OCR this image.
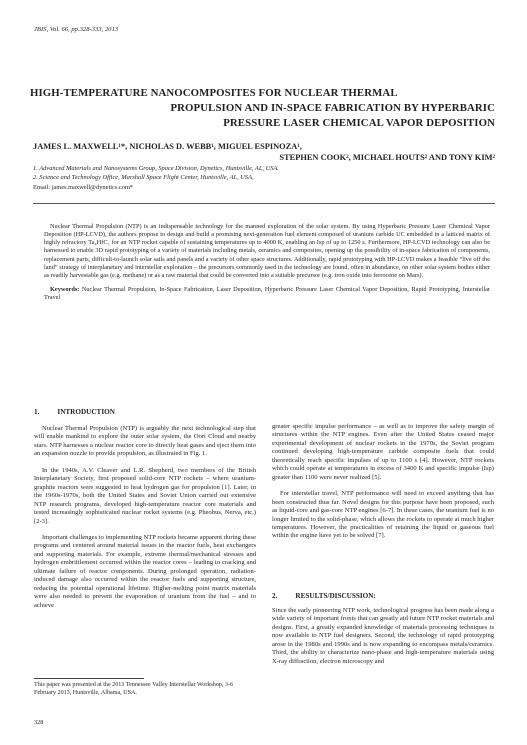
JBIS, Vol. 66, pp.328-333, 2013
HIGH-TEMPERATURE NANOCOMPOSITES FOR NUCLEAR THERMAL
PROPULSION AND IN-SPACE FABRICATION BY HYPERBARIC
PRESSURE LASER CHEMICAL VAPOR DEPOSITION
JAMES L. MAXWELL¹*, NICHOLAS D. WEBB¹, MIGUEL ESPINOZA¹,
STEPHEN COOK², MICHAEL HOUTS² AND TONY KIM²
1. Advanced Materials and Nanosystems Group, Space Division, Dynetics, Huntsville, AL, USA.
2. Science and Technology Office, Marshall Space Flight Center, Huntsville, AL, USA,
Email: james.maxwell@dynetics.com*

Nuclear Thermal Propulsion (NTP) is an indispensable technology for the manned exploration of the solar system. By using Hyperbaric Pressure Laser Chemical Vapor Deposition (HP-LCVD), the authors propose to design and build a promising next-generation fuel element composed of uranium carbide UC embedded in a latticed matrix of highly refractory Ta₄HfC₅ for an NTP rocket capable of sustaining temperatures up to 4000 K, enabling an Isp of up to 1250 s. Furthermore, HP-LCVD technology can also be harnessed to enable 3D rapid prototyping of a variety of materials including metals, ceramics and composites, opening up the possibility of in-space fabrication of components, replacement parts, difficult-to-launch solar sails and panels and a variety of other space structures. Additionally, rapid prototyping with HP-LCVD makes a feasible “live off the land” strategy of interplanetary and interstellar exploration – the precursors commonly used in the technology are found, often in abundance, on other solar system bodies either as readily harvestable gas (e.g. methane) or as a raw material that could be converted into a suitable precursor (e.g. iron oxide into ferrocene on Mars).

Keywords: Nuclear Thermal Propulsion, In-Space Fabrication, Laser Deposition, Hyperbaric Pressure Laser Chemical Vapor Deposition, Rapid Prototyping, Interstellar Travel

1.	INTRODUCTION

Nuclear Thermal Propulsion (NTP) is arguably the next technological step that will enable mankind to explore the outer solar system, the Oort Cloud and nearby stars. NTP harnesses a nuclear reactor core to directly heat gases and eject them into an expansion nozzle to provide propulsion, as illustrated in Fig. 1.

In the 1940s, A.V. Cleaver and L.R. Shepherd, two members of the British Interplanetary Society, first proposed solid-core NTP rockets – where uranium-graphite reactors were suggested to heat hydrogen gas for propulsion [1]. Later, in the 1960s-1970s, both the United States and Soviet Union carried out extensive NTP research programs, developed high-temperature reactor core materials and tested increasingly sophisticated nuclear rocket systems (e.g. Pheobus, Nerva, etc.) [2-3].

Important challenges to implementing NTP rockets became apparent during these programs and centered around material issues in the reactor fuels, heat exchangers and supporting materials. For example, extreme thermal/mechanical stresses and hydrogen embrittlement occurred within the reactor cores – leading to cracking and ultimate failure of reactor components. During prolonged operation, radiation-induced damage also occurred within the reactor fuels and supporting structure, reducing the potential operational lifetime. Higher-melting point matrix materials were also needed to prevent the evaporation of uranium from the fuel – and to achieve

greater specific impulse performance – as well as to improve the safety margin of structures within the NTP engines. Even after the United States ceased major experimental development of nuclear rockets in the 1970s, the Soviet program continued developing high-temperature carbide composite fuels that could theoretically reach specific impulses of up to 1100 s [4]. However, NTP rockets which could operate at temperatures in excess of 3400 K and specific impulse (Isp) greater than 1100 were never realized [5].

For interstellar travel, NTP performance will need to exceed anything that has been constructed thus far. Novel designs for this purpose have been proposed, such as liquid-core and gas-core NTP engines [6-7]. In these cases, the uranium fuel is no longer limited to the solid-phase, which allows the rockets to operate at much higher temperatures. However, the practicalities of retaining the liquid or gaseous fuel within the engine have yet to be solved [7].

2.	RESULTS/DISCUSSION:

Since the early pioneering NTP work, technological progress has been made along a wide variety of important fronts that can greatly aid future NTP rocket materials and designs. First, a greatly expanded knowledge of materials processing techniques is now available to NTP fuel designers. Second, the technology of rapid prototyping arose in the 1980s and 1990s and is now expanding to encompass metals/ceramics. Third, the ability to characterize nano-phase and high-temperature materials using X-ray diffraction, electron microscopy and

This paper was presented at the 2013 Tennessee Valley Interstellar Workshop, 3-6 February 2013, Huntsville, Albama, USA.
328
